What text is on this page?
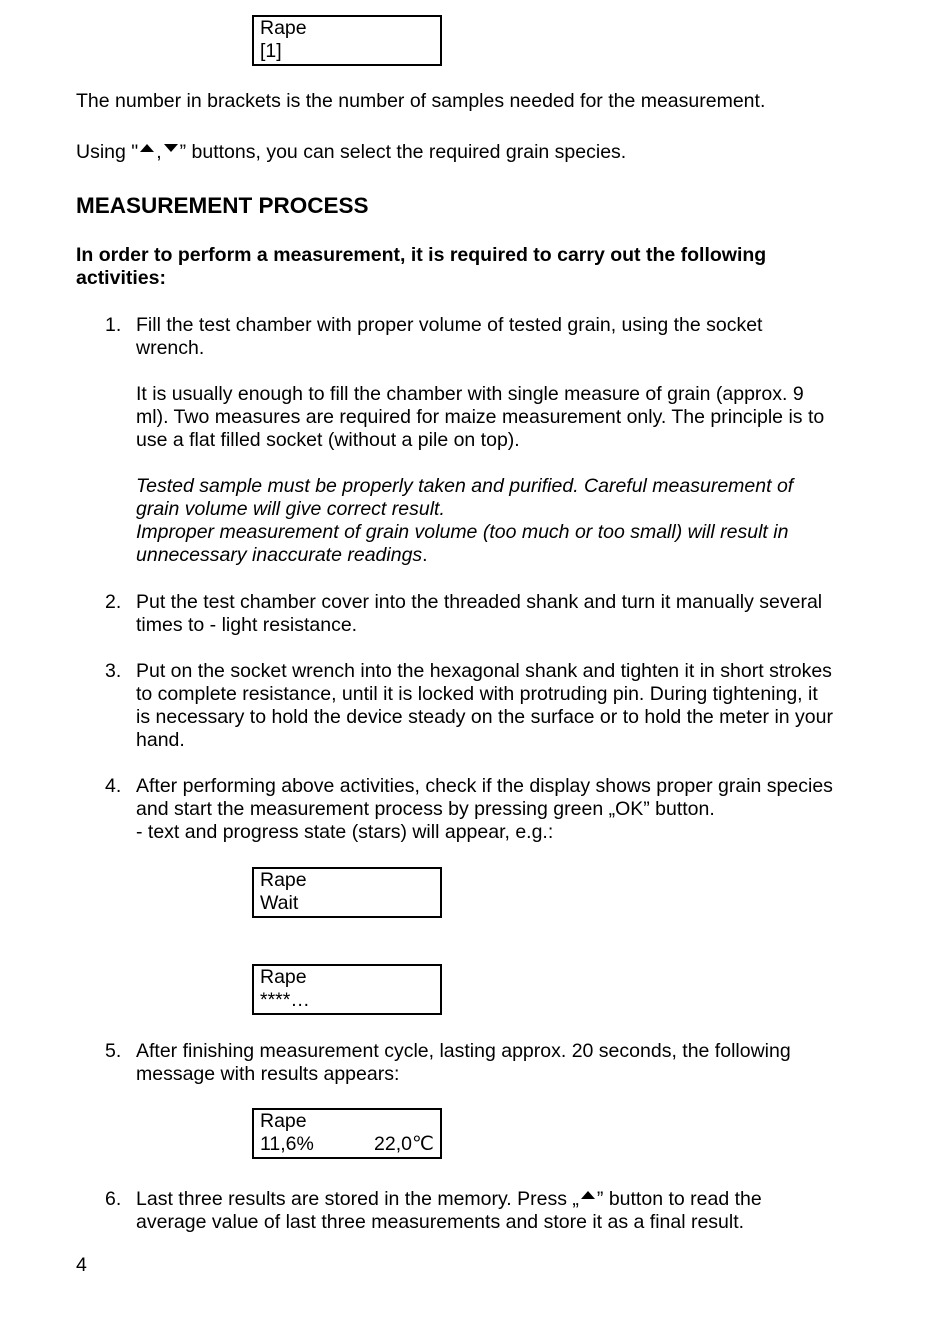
Rape
[1]

The number in brackets is the number of samples needed for the measurement.

Using " , ” buttons, you can select the required grain species.

MEASUREMENT PROCESS
In order to perform a measurement, it is required to carry out the following
activities:
1. Fill the test chamber with proper volume of tested grain, using the socket
wrench.
It is usually enough to fill the chamber with single measure of grain (approx. 9
ml). Two measures are required for maize measurement only. The principle is to
use a flat filled socket (without a pile on top).
Tested sample must be properly taken and purified. Careful measurement of
grain volume will give correct result.
Improper measurement of grain volume (too much or too small) will result in
unnecessary inaccurate readings.
2. Put the test chamber cover into the threaded shank and turn it manually several
times to - light resistance.
3. Put on the socket wrench into the hexagonal shank and tighten it in short strokes
to complete resistance, until it is locked with protruding pin. During tightening, it
is necessary to hold the device steady on the surface or to hold the meter in your
hand.
4. After performing above activities, check if the display shows proper grain species
and start the measurement process by pressing green „OK” button.
- text and progress state (stars) will appear, e.g.:
Rape
Wait
Rape
****…
5. After finishing measurement cycle, lasting approx. 20 seconds, the following
message with results appears:
Rape
11,6%	22,0℃
6. Last three results are stored in the memory. Press „ ” button to read the
average value of last three measurements and store it as a final result.
4
